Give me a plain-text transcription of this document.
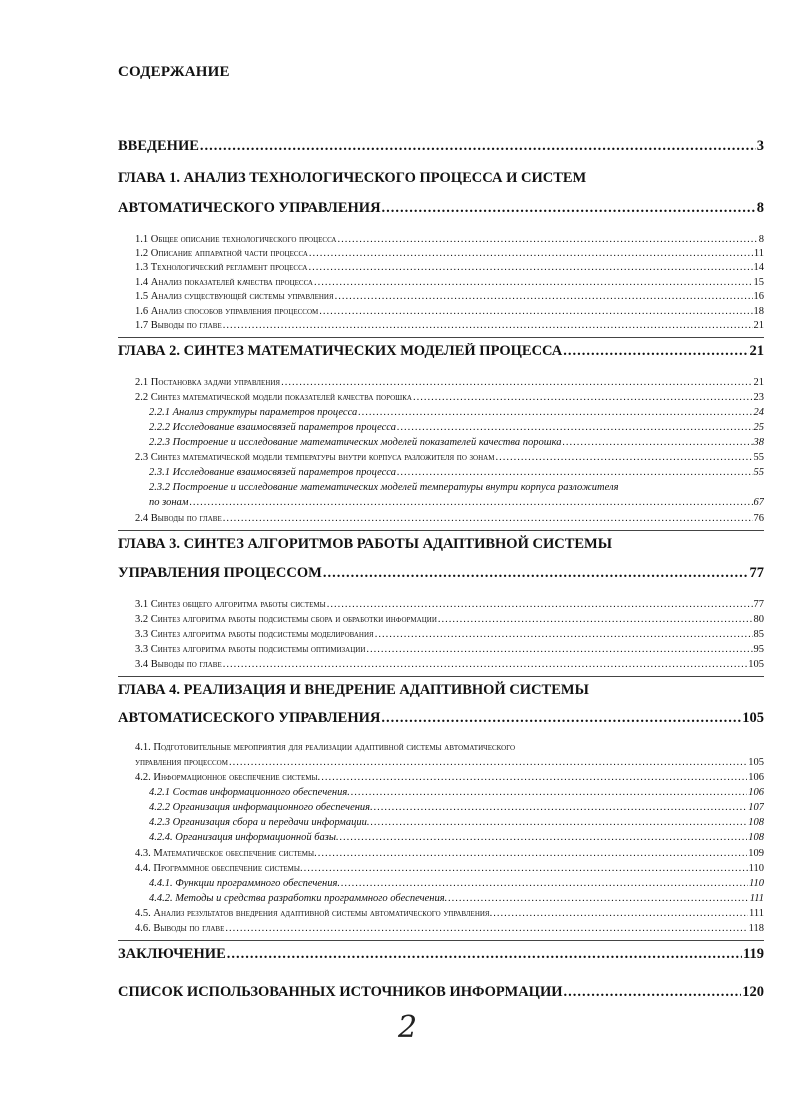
СОДЕРЖАНИЕ
ВВЕДЕНИЕ .....	3
ГЛАВА 1. АНАЛИЗ ТЕХНОЛОГИЧЕСКОГО ПРОЦЕССА И СИСТЕМ
АВТОМАТИЧЕСКОГО УПРАВЛЕНИЯ .....	8
1.1 Общее описание технологического процесса .....	8
1.2 Описание аппаратной части процесса .....	11
1.3 Технологический регламент процесса .....	14
1.4 Анализ показателей качества процесса .....	15
1.5 Анализ существующей системы управления .....	16
1.6 Анализ способов управления процессом .....	18
1.7 Выводы по главе .....	21
ГЛАВА 2. СИНТЕЗ МАТЕМАТИЧЕСКИХ МОДЕЛЕЙ ПРОЦЕССА .....	21
2.1 Постановка задачи управления .....	21
2.2 Синтез математической модели показателей качества порошка .....	23
2.2.1 Анализ структуры параметров процесса .....	24
2.2.2 Исследование взаимосвязей параметров процесса .....	25
2.2.3 Построение и исследование математических моделей показателей качества порошка .....	38
2.3 Синтез математической модели температуры внутри корпуса разложителя по зонам .....	55
2.3.1 Исследование взаимосвязей параметров процесса .....	55
2.3.2 Построение и исследование математических моделей температуры внутри корпуса разложителя
по зонам .....	67
2.4 Выводы по главе .....	76
ГЛАВА 3. СИНТЕЗ АЛГОРИТМОВ РАБОТЫ АДАПТИВНОЙ СИСТЕМЫ
УПРАВЛЕНИЯ ПРОЦЕССОМ .....	77
3.1 Синтез общего алгоритма работы системы .....	77
3.2 Синтез алгоритма работы подсистемы сбора и обработки информации .....	80
3.3 Синтез алгоритма работы подсистемы моделирования .....	85
3.3 Синтез алгоритма работы подсистемы оптимизации .....	95
3.4 Выводы по главе .....	105
ГЛАВА 4. РЕАЛИЗАЦИЯ И ВНЕДРЕНИЕ АДАПТИВНОЙ СИСТЕМЫ
АВТОМАТИСЕСКОГО УПРАВЛЕНИЯ .....	105
4.1. Подготовительные мероприятия для реализации адаптивной системы автоматического
управления процессом .....	105
4.2. Информационное обеспечение системы. .....	106
4.2.1 Состав информационного обеспечения. .....	106
4.2.2 Организация информационного обеспечения. .....	107
4.2.3 Организация сбора и передачи информации. .....	108
4.2.4. Организация информационной базы. .....	108
4.3. Математическое обеспечение системы. .....	109
4.4. Программное обеспечение системы. .....	110
4.4.1. Функции программного обеспечения. .....	110
4.4.2. Методы и средства разработки программного обеспечения. .....	111
4.5. Анализ результатов внедрения адаптивной системы автоматического управления. .....	111
4.6. Выводы по главе .....	118
ЗАКЛЮЧЕНИЕ .....	119
СПИСОК ИСПОЛЬЗОВАННЫХ ИСТОЧНИКОВ ИНФОРМАЦИИ .....	120
2
